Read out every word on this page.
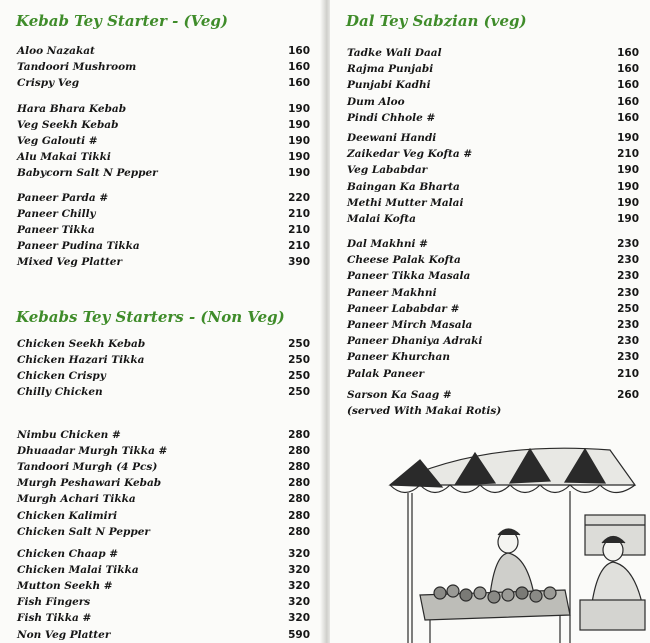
Kebab Tey Starter - (Veg)
Aloo Nazakat	160
Tandoori Mushroom	160
Crispy Veg	160
Hara Bhara Kebab	190
Veg Seekh Kebab	190
Veg Galouti #	190
Alu Makai Tikki	190
Babycorn Salt N Pepper	190
Paneer Parda #	220
Paneer Chilly	210
Paneer Tikka	210
Paneer Pudina Tikka	210
Mixed Veg Platter	390
Kebabs Tey Starters - (Non Veg)
Chicken Seekh Kebab	250
Chicken Hazari Tikka	250
Chicken Crispy	250
Chilly Chicken	250
Nimbu Chicken #	280
Dhuaadar Murgh Tikka #	280
Tandoori Murgh (4 Pcs)	280
Murgh Peshawari Kebab	280
Murgh Achari Tikka	280
Chicken Kalimiri	280
Chicken Salt N Pepper	280
Chicken Chaap #	320
Chicken Malai Tikka	320
Mutton Seekh #	320
Fish Fingers	320
Fish Tikka #	320
Non Veg Platter	590
Dal Tey Sabzian (veg)
Tadke Wali Daal	160
Rajma Punjabi	160
Punjabi Kadhi	160
Dum Aloo	160
Pindi Chhole #	160
Deewani Handi	190
Zaikedar Veg Kofta #	210
Veg Lababdar	190
Baingan Ka Bharta	190
Methi Mutter Malai	190
Malai Kofta	190
Dal Makhni #	230
Cheese Palak Kofta	230
Paneer Tikka Masala	230
Paneer Makhni	230
Paneer Lababdar #	250
Paneer Mirch Masala	230
Paneer Dhaniya Adraki	230
Paneer Khurchan	230
Palak Paneer	210
Sarson Ka Saag #	260
(served With Makai Rotis)
